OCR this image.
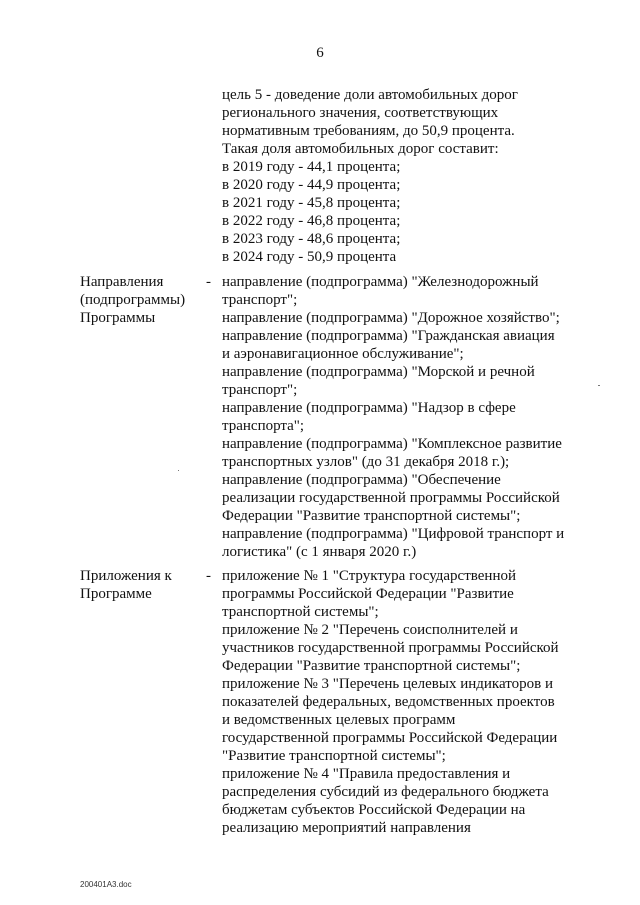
6
цель 5 - доведение доли автомобильных дорог
регионального значения, соответствующих
нормативным требованиям, до 50,9 процента.
Такая доля автомобильных дорог составит:
в 2019 году - 44,1 процента;
в 2020 году - 44,9 процента;
в 2021 году - 45,8 процента;
в 2022 году - 46,8 процента;
в 2023 году - 48,6 процента;
в 2024 году - 50,9 процента
Направления
(подпрограммы)
Программы
- направление (подпрограмма) "Железнодорожный
транспорт";
направление (подпрограмма) "Дорожное хозяйство";
направление (подпрограмма) "Гражданская авиация
и аэронавигационное обслуживание";
направление (подпрограмма) "Морской и речной
транспорт";
направление (подпрограмма) "Надзор в сфере
транспорта";
направление (подпрограмма) "Комплексное развитие
транспортных узлов" (до 31 декабря 2018 г.);
направление (подпрограмма) "Обеспечение
реализации государственной программы Российской
Федерации "Развитие транспортной системы";
направление (подпрограмма) "Цифровой транспорт и
логистика" (с 1 января 2020 г.)
Приложения к
Программе
- приложение № 1 "Структура государственной
программы Российской Федерации "Развитие
транспортной системы";
приложение № 2 "Перечень соисполнителей и
участников государственной программы Российской
Федерации "Развитие транспортной системы";
приложение № 3 "Перечень целевых индикаторов и
показателей федеральных, ведомственных проектов
и ведомственных целевых программ
государственной программы Российской Федерации
"Развитие транспортной системы";
приложение № 4 "Правила предоставления и
распределения субсидий из федерального бюджета
бюджетам субъектов Российской Федерации на
реализацию мероприятий направления
200401A3.doc
